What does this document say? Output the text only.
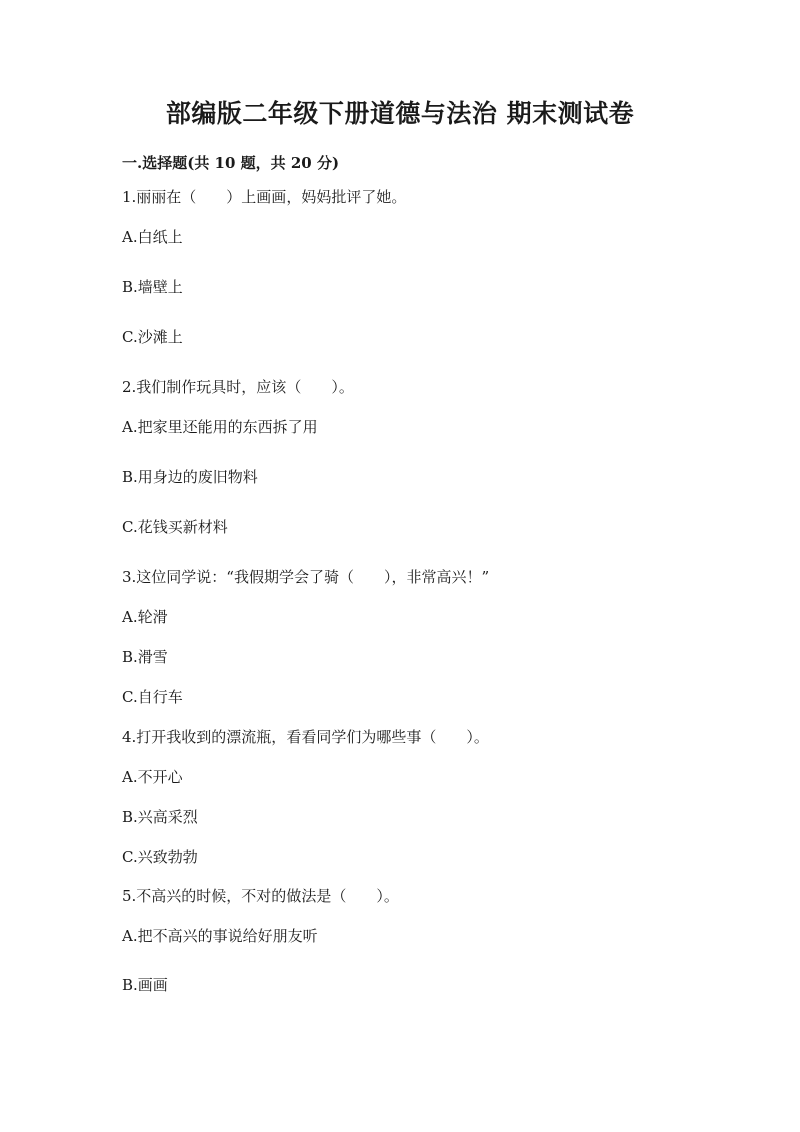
部编版二年级下册道德与法治 期末测试卷
一.选择题(共 10 题，共 20 分)
1.丽丽在（　　）上画画，妈妈批评了她。
A.白纸上
B.墙壁上
C.沙滩上
2.我们制作玩具时，应该（　　）。
A.把家里还能用的东西拆了用
B.用身边的废旧物料
C.花钱买新材料
3.这位同学说：“我假期学会了骑（　　），非常高兴！”
A.轮滑
B.滑雪
C.自行车
4.打开我收到的漂流瓶，看看同学们为哪些事（　　）。
A.不开心
B.兴高采烈
C.兴致勃勃
5.不高兴的时候，不对的做法是（　　）。
A.把不高兴的事说给好朋友听
B.画画
